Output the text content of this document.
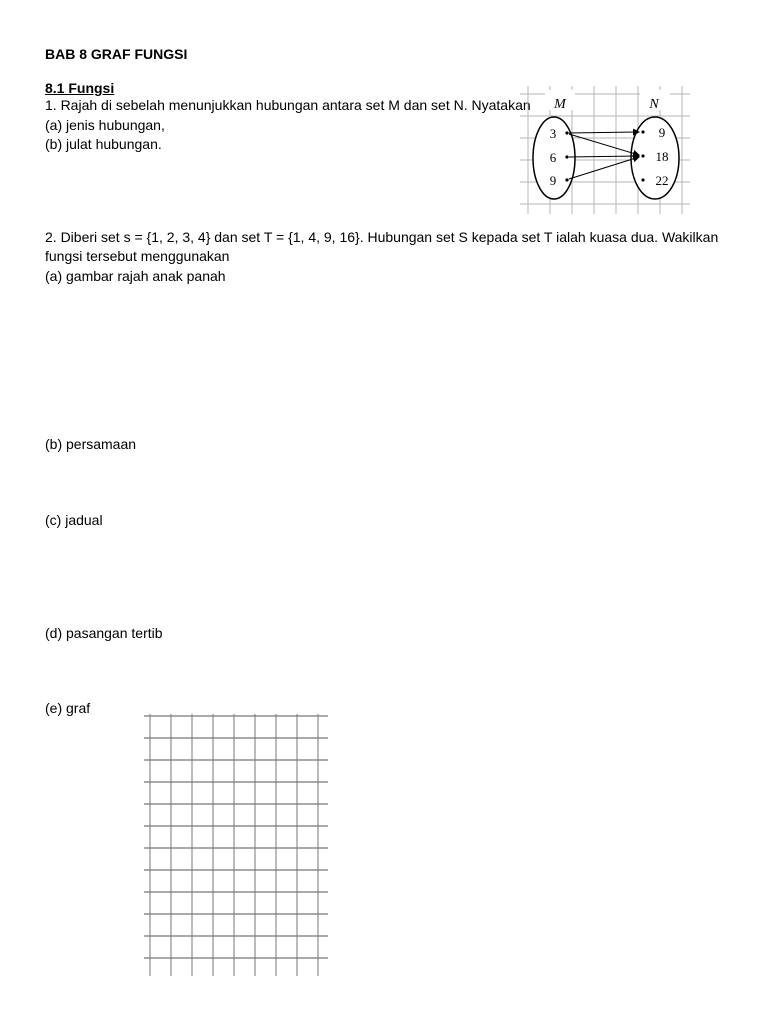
BAB 8 GRAF FUNGSI
8.1 Fungsi
1. Rajah di sebelah menunjukkan hubungan antara set M dan set N. Nyatakan
(a) jenis hubungan,
(b) julat hubungan.
M	N
3
6
9
9
18
22
2. Diberi set s = {1, 2, 3, 4} dan set T = {1, 4, 9, 16}. Hubungan set S kepada set T ialah kuasa dua. Wakilkan
fungsi tersebut menggunakan
(a) gambar rajah anak panah
(b) persamaan
(c) jadual
(d) pasangan tertib
(e) graf
